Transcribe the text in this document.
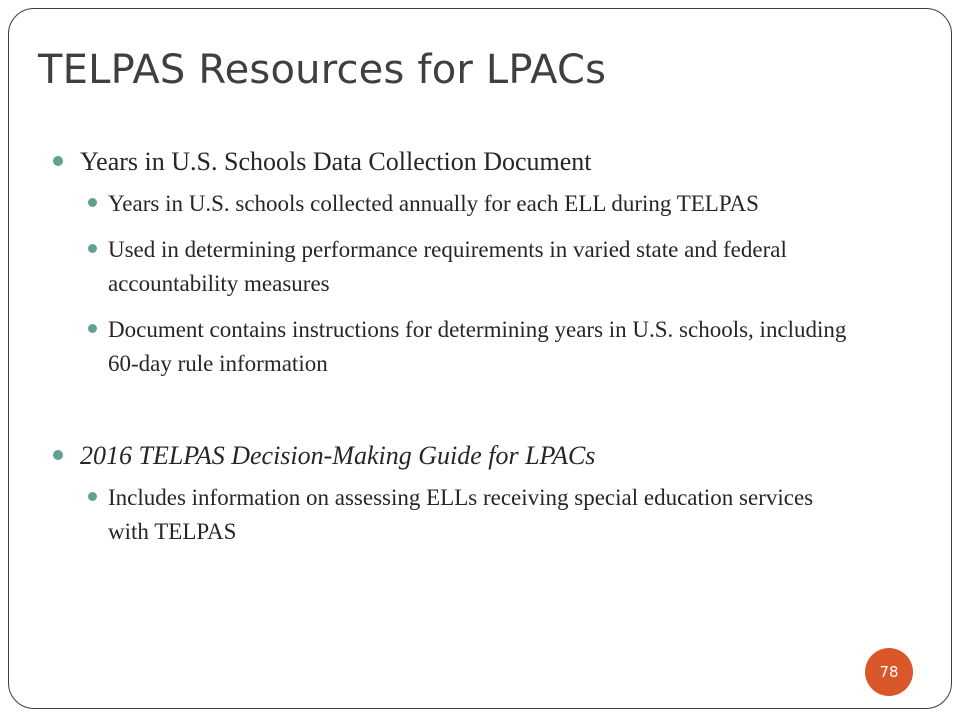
TELPAS Resources for LPACs
Years in U.S. Schools Data Collection Document
Years in U.S. schools collected annually for each ELL during TELPAS
Used in determining performance requirements in varied state and federal accountability measures
Document contains instructions for determining years in U.S. schools, including 60-day rule information
2016 TELPAS Decision-Making Guide for LPACs
Includes information on assessing ELLs receiving special education services with TELPAS
78
